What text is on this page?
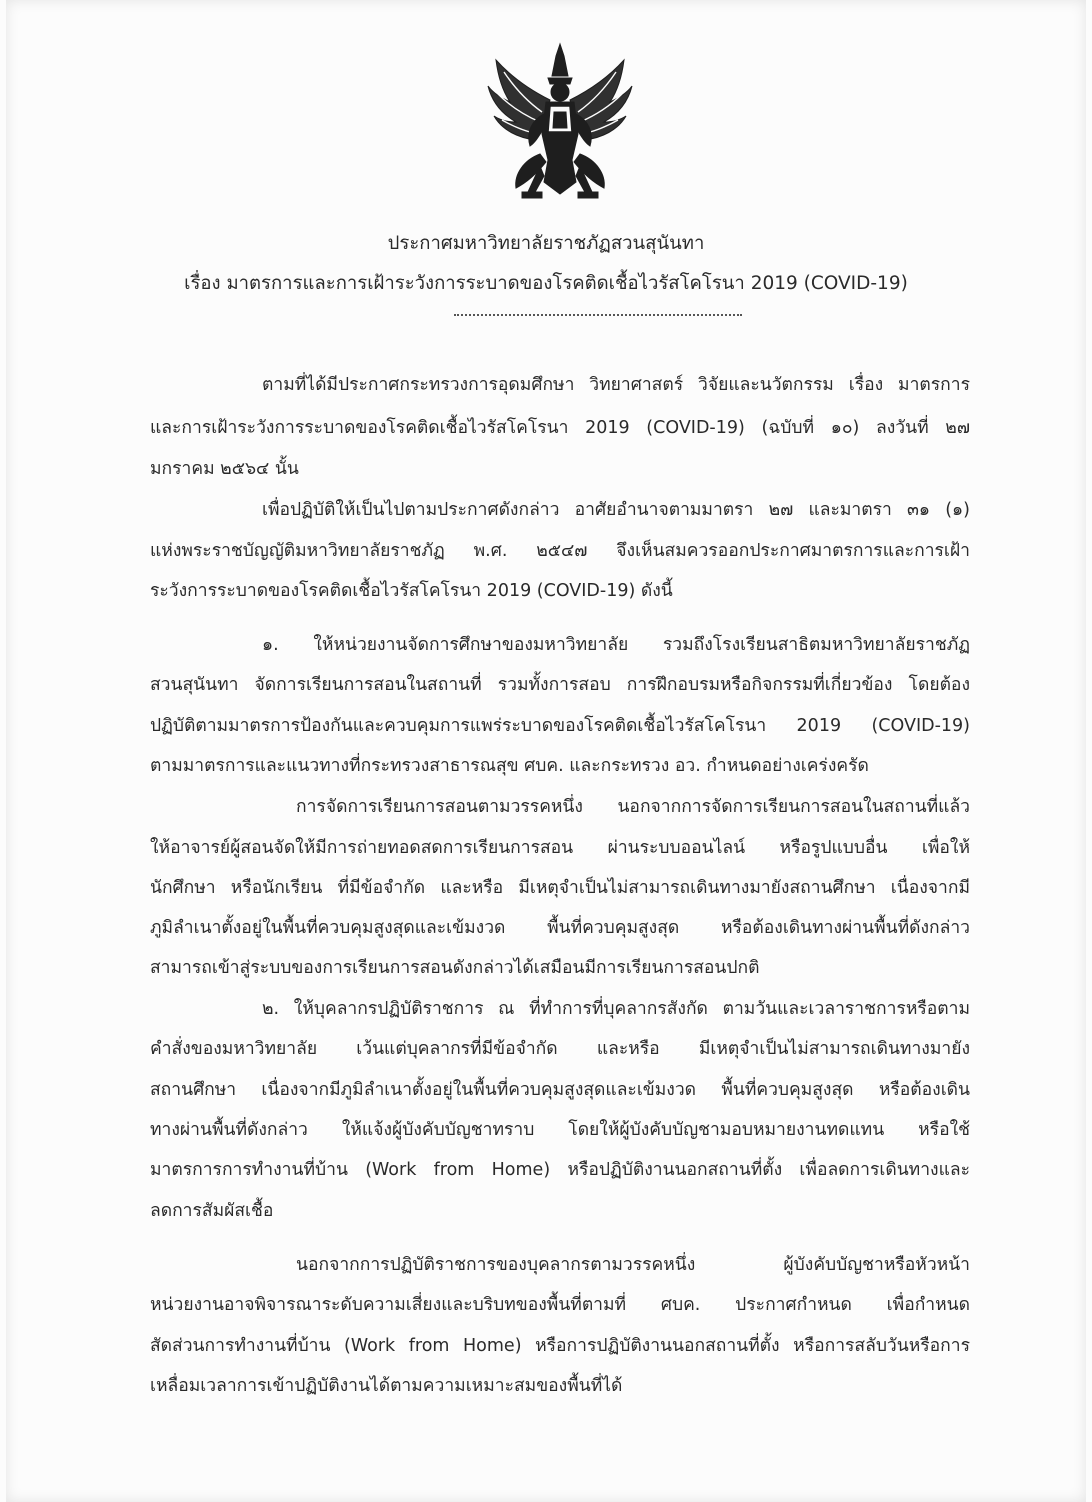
ประกาศมหาวิทยาลัยราชภัฏสวนสุนันทา
เรื่อง มาตรการและการเฝ้าระวังการระบาดของโรคติดเชื้อไวรัสโคโรนา 2019 (COVID-19)
ตามที่ได้มีประกาศกระทรวงการอุดมศึกษา วิทยาศาสตร์ วิจัยและนวัตกรรม เรื่อง มาตรการ
และการเฝ้าระวังการระบาดของโรคติดเชื้อไวรัสโคโรนา 2019 (COVID-19) (ฉบับที่ ๑๐) ลงวันที่ ๒๗
มกราคม ๒๕๖๔ นั้น
เพื่อปฏิบัติให้เป็นไปตามประกาศดังกล่าว อาศัยอำนาจตามมาตรา ๒๗ และมาตรา ๓๑ (๑)
แห่งพระราชบัญญัติมหาวิทยาลัยราชภัฏ พ.ศ. ๒๕๔๗ จึงเห็นสมควรออกประกาศมาตรการและการเฝ้า
ระวังการระบาดของโรคติดเชื้อไวรัสโคโรนา 2019 (COVID-19) ดังนี้
๑. ให้หน่วยงานจัดการศึกษาของมหาวิทยาลัย รวมถึงโรงเรียนสาธิตมหาวิทยาลัยราชภัฏ
สวนสุนันทา จัดการเรียนการสอนในสถานที่ รวมทั้งการสอบ การฝึกอบรมหรือกิจกรรมที่เกี่ยวข้อง โดยต้อง
ปฏิบัติตามมาตรการป้องกันและควบคุมการแพร่ระบาดของโรคติดเชื้อไวรัสโคโรนา 2019 (COVID-19)
ตามมาตรการและแนวทางที่กระทรวงสาธารณสุข ศบค. และกระทรวง อว. กำหนดอย่างเคร่งครัด
การจัดการเรียนการสอนตามวรรคหนึ่ง นอกจากการจัดการเรียนการสอนในสถานที่แล้ว
ให้อาจารย์ผู้สอนจัดให้มีการถ่ายทอดสดการเรียนการสอน ผ่านระบบออนไลน์ หรือรูปแบบอื่น เพื่อให้
นักศึกษา หรือนักเรียน ที่มีข้อจำกัด และหรือ มีเหตุจำเป็นไม่สามารถเดินทางมายังสถานศึกษา เนื่องจากมี
ภูมิลำเนาตั้งอยู่ในพื้นที่ควบคุมสูงสุดและเข้มงวด พื้นที่ควบคุมสูงสุด หรือต้องเดินทางผ่านพื้นที่ดังกล่าว
สามารถเข้าสู่ระบบของการเรียนการสอนดังกล่าวได้เสมือนมีการเรียนการสอนปกติ
๒. ให้บุคลากรปฏิบัติราชการ ณ ที่ทำการที่บุคลากรสังกัด ตามวันและเวลาราชการหรือตาม
คำสั่งของมหาวิทยาลัย เว้นแต่บุคลากรที่มีข้อจำกัด และหรือ มีเหตุจำเป็นไม่สามารถเดินทางมายัง
สถานศึกษา เนื่องจากมีภูมิลำเนาตั้งอยู่ในพื้นที่ควบคุมสูงสุดและเข้มงวด พื้นที่ควบคุมสูงสุด หรือต้องเดิน
ทางผ่านพื้นที่ดังกล่าว ให้แจ้งผู้บังคับบัญชาทราบ โดยให้ผู้บังคับบัญชามอบหมายงานทดแทน หรือใช้
มาตรการการทำงานที่บ้าน (Work from Home) หรือปฏิบัติงานนอกสถานที่ตั้ง เพื่อลดการเดินทางและ
ลดการสัมผัสเชื้อ
นอกจากการปฏิบัติราชการของบุคลากรตามวรรคหนึ่ง ผู้บังคับบัญชาหรือหัวหน้า
หน่วยงานอาจพิจารณาระดับความเสี่ยงและบริบทของพื้นที่ตามที่ ศบค. ประกาศกำหนด เพื่อกำหนด
สัดส่วนการทำงานที่บ้าน (Work from Home) หรือการปฏิบัติงานนอกสถานที่ตั้ง หรือการสลับวันหรือการ
เหลื่อมเวลาการเข้าปฏิบัติงานได้ตามความเหมาะสมของพื้นที่ได้
